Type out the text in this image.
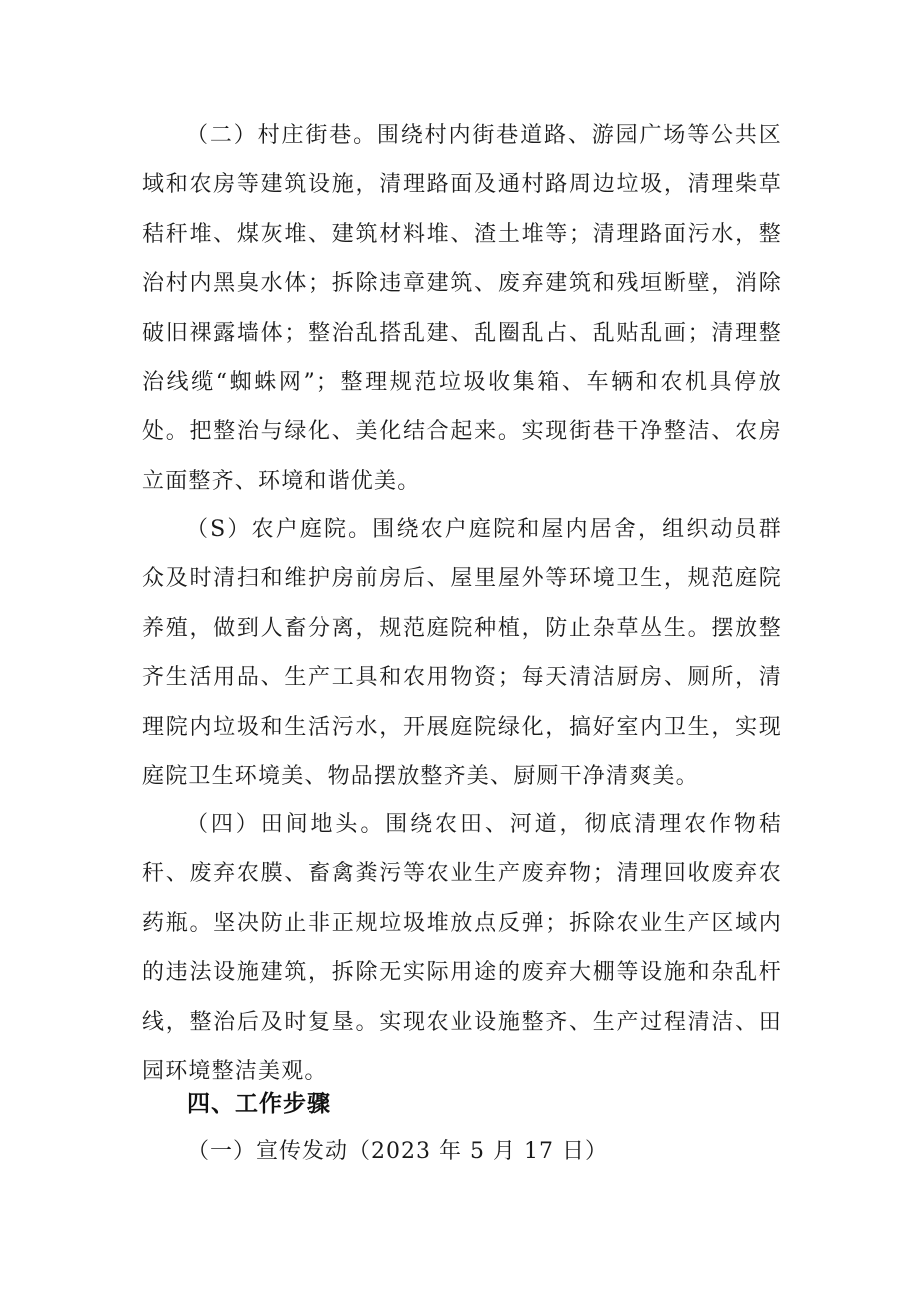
（二）村庄街巷。围绕村内街巷道路、游园广场等公共区域和农房等建筑设施，清理路面及通村路周边垃圾，清理柴草秸秆堆、煤灰堆、建筑材料堆、渣土堆等；清理路面污水，整治村内黑臭水体；拆除违章建筑、废弃建筑和残垣断壁，消除破旧裸露墙体；整治乱搭乱建、乱圈乱占、乱贴乱画；清理整治线缆“蜘蛛网”；整理规范垃圾收集箱、车辆和农机具停放处。把整治与绿化、美化结合起来。实现街巷干净整洁、农房立面整齐、环境和谐优美。

（S）农户庭院。围绕农户庭院和屋内居舍，组织动员群众及时清扫和维护房前房后、屋里屋外等环境卫生，规范庭院养殖，做到人畜分离，规范庭院种植，防止杂草丛生。摆放整齐生活用品、生产工具和农用物资；每天清洁厨房、厕所，清理院内垃圾和生活污水，开展庭院绿化，搞好室内卫生，实现庭院卫生环境美、物品摆放整齐美、厨厕干净清爽美。

（四）田间地头。围绕农田、河道，彻底清理农作物秸秆、废弃农膜、畜禽粪污等农业生产废弃物；清理回收废弃农药瓶。坚决防止非正规垃圾堆放点反弹；拆除农业生产区域内的违法设施建筑，拆除无实际用途的废弃大棚等设施和杂乱杆线，整治后及时复垦。实现农业设施整齐、生产过程清洁、田园环境整洁美观。

四、工作步骤

（一）宣传发动（2023 年 5 月 17 日）
